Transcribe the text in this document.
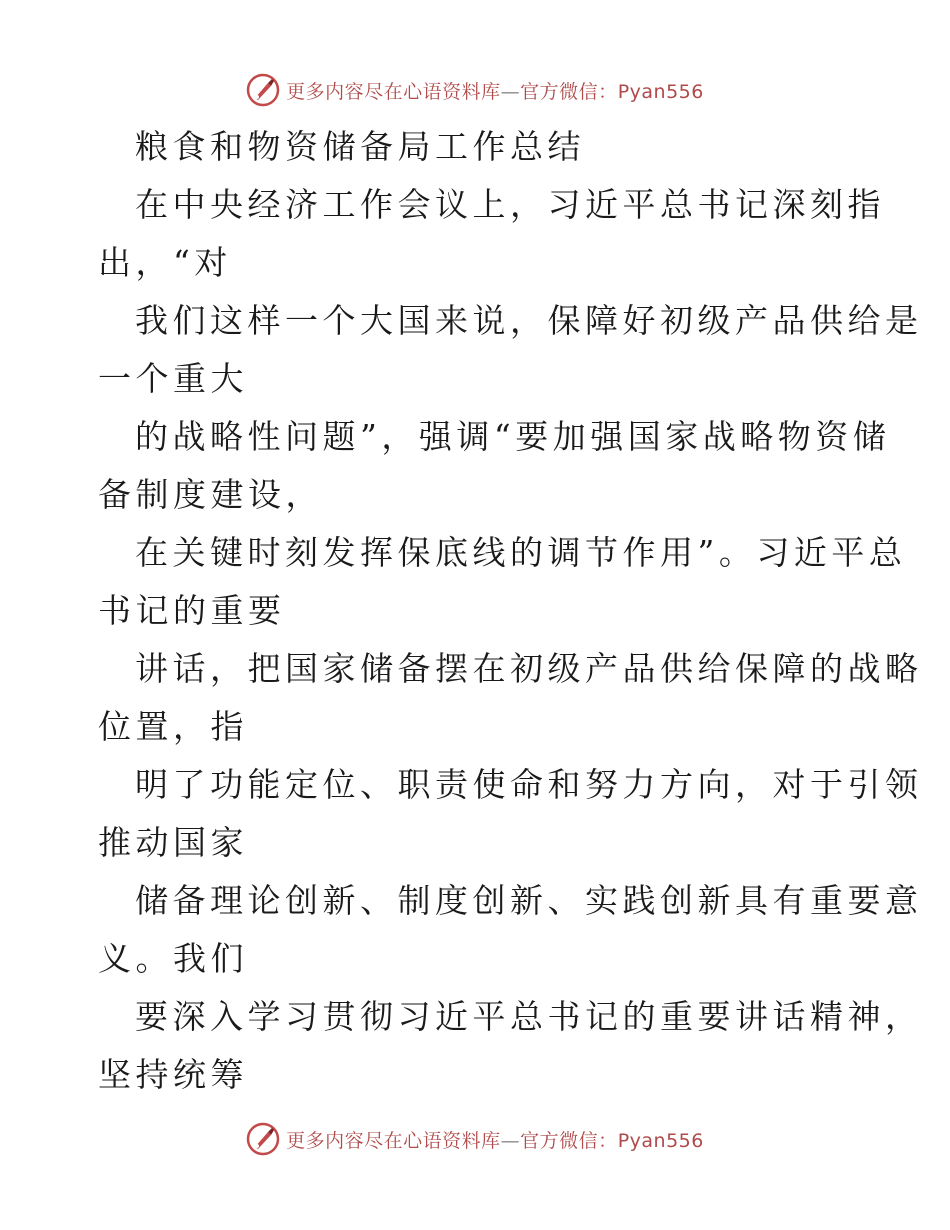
更多内容尽在心语资料库—官方微信：Pyan556
粮食和物资储备局工作总结
在中央经济工作会议上，习近平总书记深刻指
出，“对
我们这样一个大国来说，保障好初级产品供给是
一个重大
的战略性问题”，强调“要加强国家战略物资储
备制度建设，
在关键时刻发挥保底线的调节作用”。习近平总
书记的重要
讲话，把国家储备摆在初级产品供给保障的战略
位置，指
明了功能定位、职责使命和努力方向，对于引领
推动国家
储备理论创新、制度创新、实践创新具有重要意
义。我们
要深入学习贯彻习近平总书记的重要讲话精神，
坚持统筹
更多内容尽在心语资料库—官方微信：Pyan556
